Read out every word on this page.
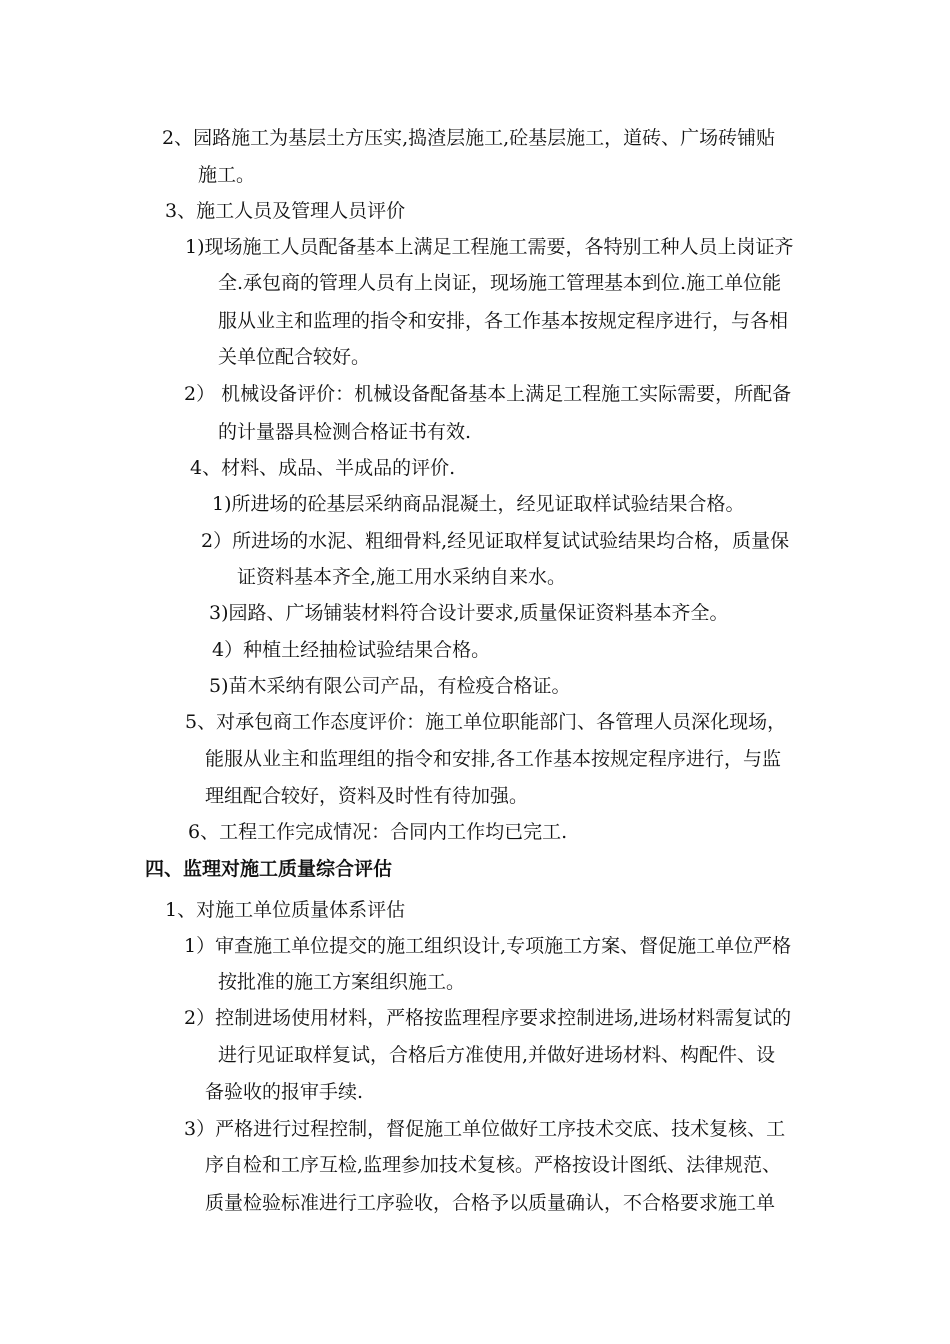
2、园路施工为基层土方压实,捣渣层施工,砼基层施工，道砖、广场砖铺贴
施工。
3、施工人员及管理人员评价
1)现场施工人员配备基本上满足工程施工需要，各特别工种人员上岗证齐
全.承包商的管理人员有上岗证，现场施工管理基本到位.施工单位能
服从业主和监理的指令和安排，各工作基本按规定程序进行，与各相
关单位配合较好。
2） 机械设备评价：机械设备配备基本上满足工程施工实际需要，所配备
的计量器具检测合格证书有效.
4、材料、成品、半成品的评价.
1)所进场的砼基层采纳商品混凝土，经见证取样试验结果合格。
2）所进场的水泥、粗细骨料,经见证取样复试试验结果均合格，质量保
证资料基本齐全,施工用水采纳自来水。
3)园路、广场铺装材料符合设计要求,质量保证资料基本齐全。
4）种植土经抽检试验结果合格。
5)苗木采纳有限公司产品，有检疫合格证。
5、对承包商工作态度评价：施工单位职能部门、各管理人员深化现场，
能服从业主和监理组的指令和安排,各工作基本按规定程序进行，与监
理组配合较好，资料及时性有待加强。
6、工程工作完成情况：合同内工作均已完工.
四、监理对施工质量综合评估
1、对施工单位质量体系评估
1）审查施工单位提交的施工组织设计,专项施工方案、督促施工单位严格
按批准的施工方案组织施工。
2）控制进场使用材料，严格按监理程序要求控制进场,进场材料需复试的
进行见证取样复试，合格后方准使用,并做好进场材料、构配件、设
备验收的报审手续.
3）严格进行过程控制，督促施工单位做好工序技术交底、技术复核、工
序自检和工序互检,监理参加技术复核。严格按设计图纸、法律规范、
质量检验标准进行工序验收，合格予以质量确认，不合格要求施工单
